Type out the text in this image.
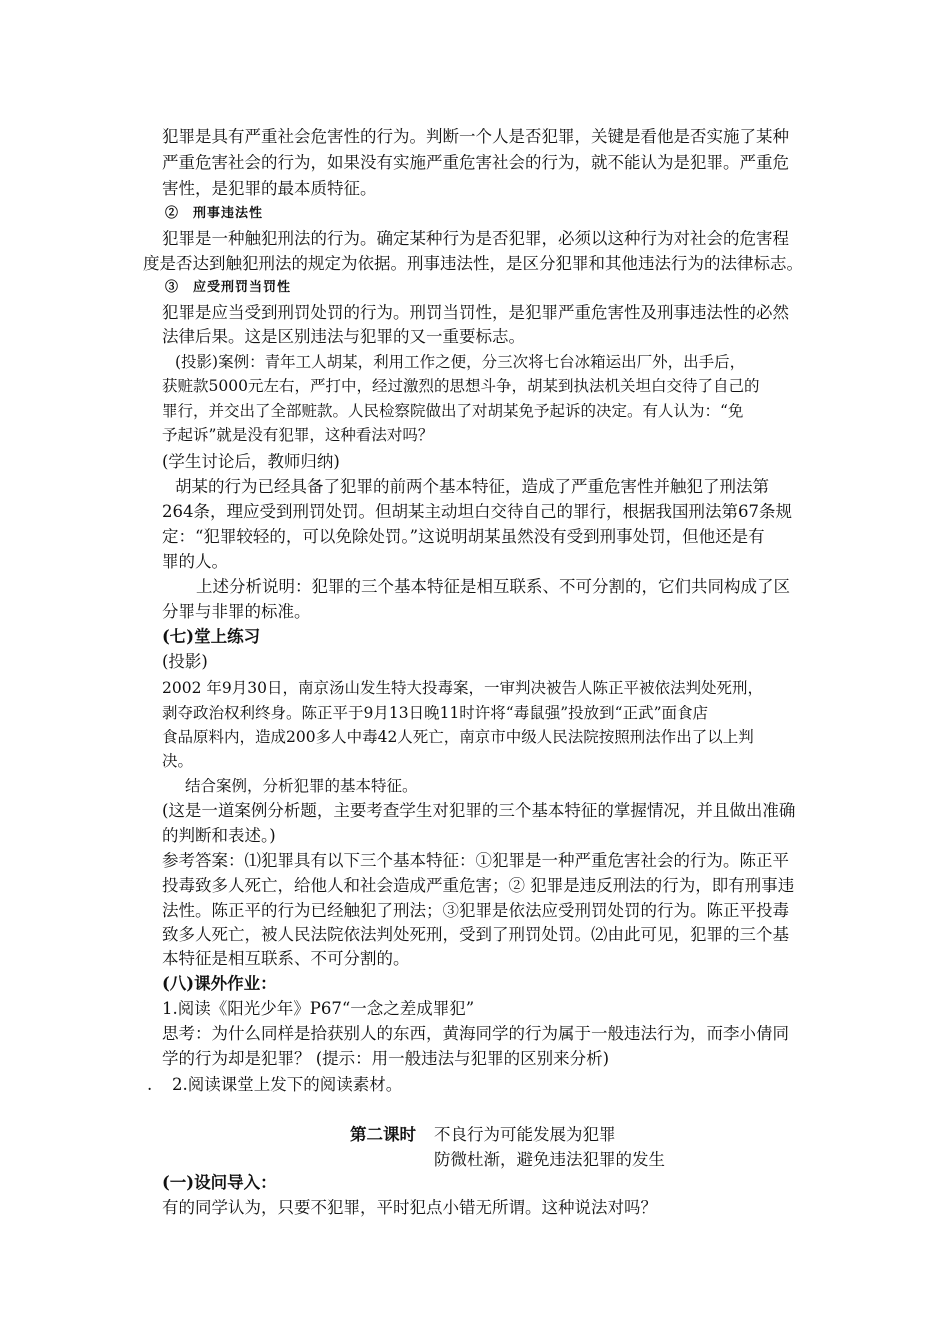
犯罪是具有严重社会危害性的行为。判断一个人是否犯罪，关键是看他是否实施了某种
严重危害社会的行为，如果没有实施严重危害社会的行为，就不能认为是犯罪。严重危
害性，是犯罪的最本质特征。
②　刑事违法性
犯罪是一种触犯刑法的行为。确定某种行为是否犯罪，必须以这种行为对社会的危害程
度是否达到触犯刑法的规定为依据。刑事违法性，是区分犯罪和其他违法行为的法律标志。
③　应受刑罚当罚性
犯罪是应当受到刑罚处罚的行为。刑罚当罚性，是犯罪严重危害性及刑事违法性的必然
法律后果。这是区别违法与犯罪的又一重要标志。
(投影)案例：青年工人胡某，利用工作之便，分三次将七台冰箱运出厂外，出手后，
获赃款5000元左右，严打中，经过激烈的思想斗争，胡某到执法机关坦白交待了自己的
罪行，并交出了全部赃款。人民检察院做出了对胡某免予起诉的决定。有人认为：“免
予起诉”就是没有犯罪，这种看法对吗？
(学生讨论后，教师归纳)
胡某的行为已经具备了犯罪的前两个基本特征，造成了严重危害性并触犯了刑法第
264条，理应受到刑罚处罚。但胡某主动坦白交待自己的罪行，根据我国刑法第67条规
定：“犯罪较轻的，可以免除处罚。”这说明胡某虽然没有受到刑事处罚，但他还是有
罪的人。
上述分析说明：犯罪的三个基本特征是相互联系、不可分割的，它们共同构成了区
分罪与非罪的标准。
(七)堂上练习
(投影)
2002 年9月30日，南京汤山发生特大投毒案，一审判决被告人陈正平被依法判处死刑，
剥夺政治权利终身。陈正平于9月13日晚11时许将“毒鼠强”投放到“正武”面食店
食品原料内，造成200多人中毒42人死亡，南京市中级人民法院按照刑法作出了以上判
决。
结合案例，分析犯罪的基本特征。
(这是一道案例分析题，主要考查学生对犯罪的三个基本特征的掌握情况，并且做出准确
的判断和表述。)
参考答案：⑴犯罪具有以下三个基本特征：①犯罪是一种严重危害社会的行为。陈正平
投毒致多人死亡，给他人和社会造成严重危害；② 犯罪是违反刑法的行为，即有刑事违
法性。陈正平的行为已经触犯了刑法；③犯罪是依法应受刑罚处罚的行为。陈正平投毒
致多人死亡，被人民法院依法判处死刑，受到了刑罚处罚。⑵由此可见，犯罪的三个基
本特征是相互联系、不可分割的。
(八)课外作业：
1.阅读《阳光少年》P67“一念之差成罪犯”
思考：为什么同样是拾获别人的东西，黄海同学的行为属于一般违法行为，而李小倩同
学的行为却是犯罪？ (提示：用一般违法与犯罪的区别来分析)
. 2.阅读课堂上发下的阅读素材。
第二课时 不良行为可能发展为犯罪
防微杜渐，避免违法犯罪的发生
(一)设问导入：
有的同学认为，只要不犯罪，平时犯点小错无所谓。这种说法对吗？
